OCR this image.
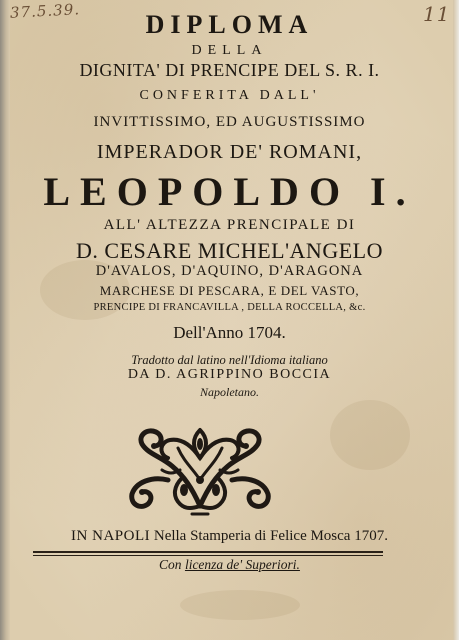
37.5.39.	11
DIPLOMA
DELLA
DIGNITA' DI PRENCIPE DEL S. R. I.
CONFERITA DALL'
INVITTISSIMO, ED AUGUSTISSIMO
IMPERADOR DE' ROMANI,
LEOPOLDO I.
ALL' ALTEZZA PRENCIPALE DI
D. CESARE MICHEL'ANGELO
D'AVALOS, D'AQUINO, D'ARAGONA
MARCHESE DI PESCARA, E DEL VASTO,
PRENCIPE DI FRANCAVILLA , DELLA ROCCELLA, &c.
Dell'Anno 1704.
Tradotto dal latino nell'Idioma italiano
DA D. AGRIPPINO BOCCIA
Napoletano.
IN NAPOLI Nella Stamperia di Felice Mosca 1707.
Con licenza de' Superiori.
